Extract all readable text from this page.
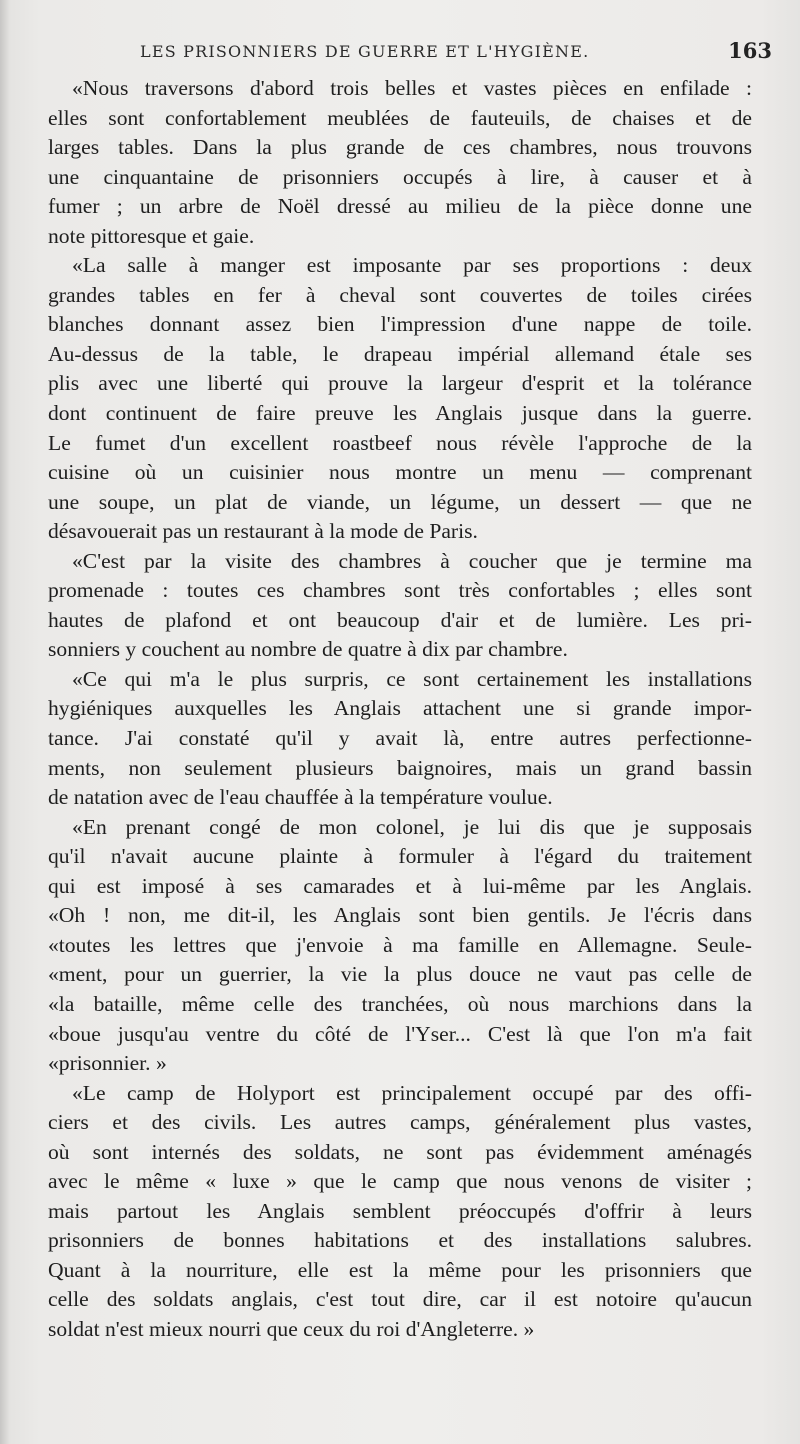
LES PRISONNIERS DE GUERRE ET L'HYGIÈNE.	163

«Nous traversons d'abord trois belles et vastes pièces en enfilade :
elles sont confortablement meublées de fauteuils, de chaises et de
larges tables. Dans la plus grande de ces chambres, nous trouvons
une cinquantaine de prisonniers occupés à lire, à causer et à
fumer ; un arbre de Noël dressé au milieu de la pièce donne une
note pittoresque et gaie.

«La salle à manger est imposante par ses proportions : deux
grandes tables en fer à cheval sont couvertes de toiles cirées
blanches donnant assez bien l'impression d'une nappe de toile.
Au-dessus de la table, le drapeau impérial allemand étale ses
plis avec une liberté qui prouve la largeur d'esprit et la tolérance
dont continuent de faire preuve les Anglais jusque dans la guerre.
Le fumet d'un excellent roastbeef nous révèle l'approche de la
cuisine où un cuisinier nous montre un menu — comprenant
une soupe, un plat de viande, un légume, un dessert — que ne
désavouerait pas un restaurant à la mode de Paris.

«C'est par la visite des chambres à coucher que je termine ma
promenade : toutes ces chambres sont très confortables ; elles sont
hautes de plafond et ont beaucoup d'air et de lumière. Les pri-
sonniers y couchent au nombre de quatre à dix par chambre.

«Ce qui m'a le plus surpris, ce sont certainement les installations
hygiéniques auxquelles les Anglais attachent une si grande impor-
tance. J'ai constaté qu'il y avait là, entre autres perfectionne-
ments, non seulement plusieurs baignoires, mais un grand bassin
de natation avec de l'eau chauffée à la température voulue.

«En prenant congé de mon colonel, je lui dis que je supposais
qu'il n'avait aucune plainte à formuler à l'égard du traitement
qui est imposé à ses camarades et à lui-même par les Anglais.
«Oh ! non, me dit-il, les Anglais sont bien gentils. Je l'écris dans
«toutes les lettres que j'envoie à ma famille en Allemagne. Seule-
«ment, pour un guerrier, la vie la plus douce ne vaut pas celle de
«la bataille, même celle des tranchées, où nous marchions dans la
«boue jusqu'au ventre du côté de l'Yser... C'est là que l'on m'a fait
«prisonnier. »

«Le camp de Holyport est principalement occupé par des offi-
ciers et des civils. Les autres camps, généralement plus vastes,
où sont internés des soldats, ne sont pas évidemment aménagés
avec le même « luxe » que le camp que nous venons de visiter ;
mais partout les Anglais semblent préoccupés d'offrir à leurs
prisonniers de bonnes habitations et des installations salubres.
Quant à la nourriture, elle est la même pour les prisonniers que
celle des soldats anglais, c'est tout dire, car il est notoire qu'aucun
soldat n'est mieux nourri que ceux du roi d'Angleterre. »
